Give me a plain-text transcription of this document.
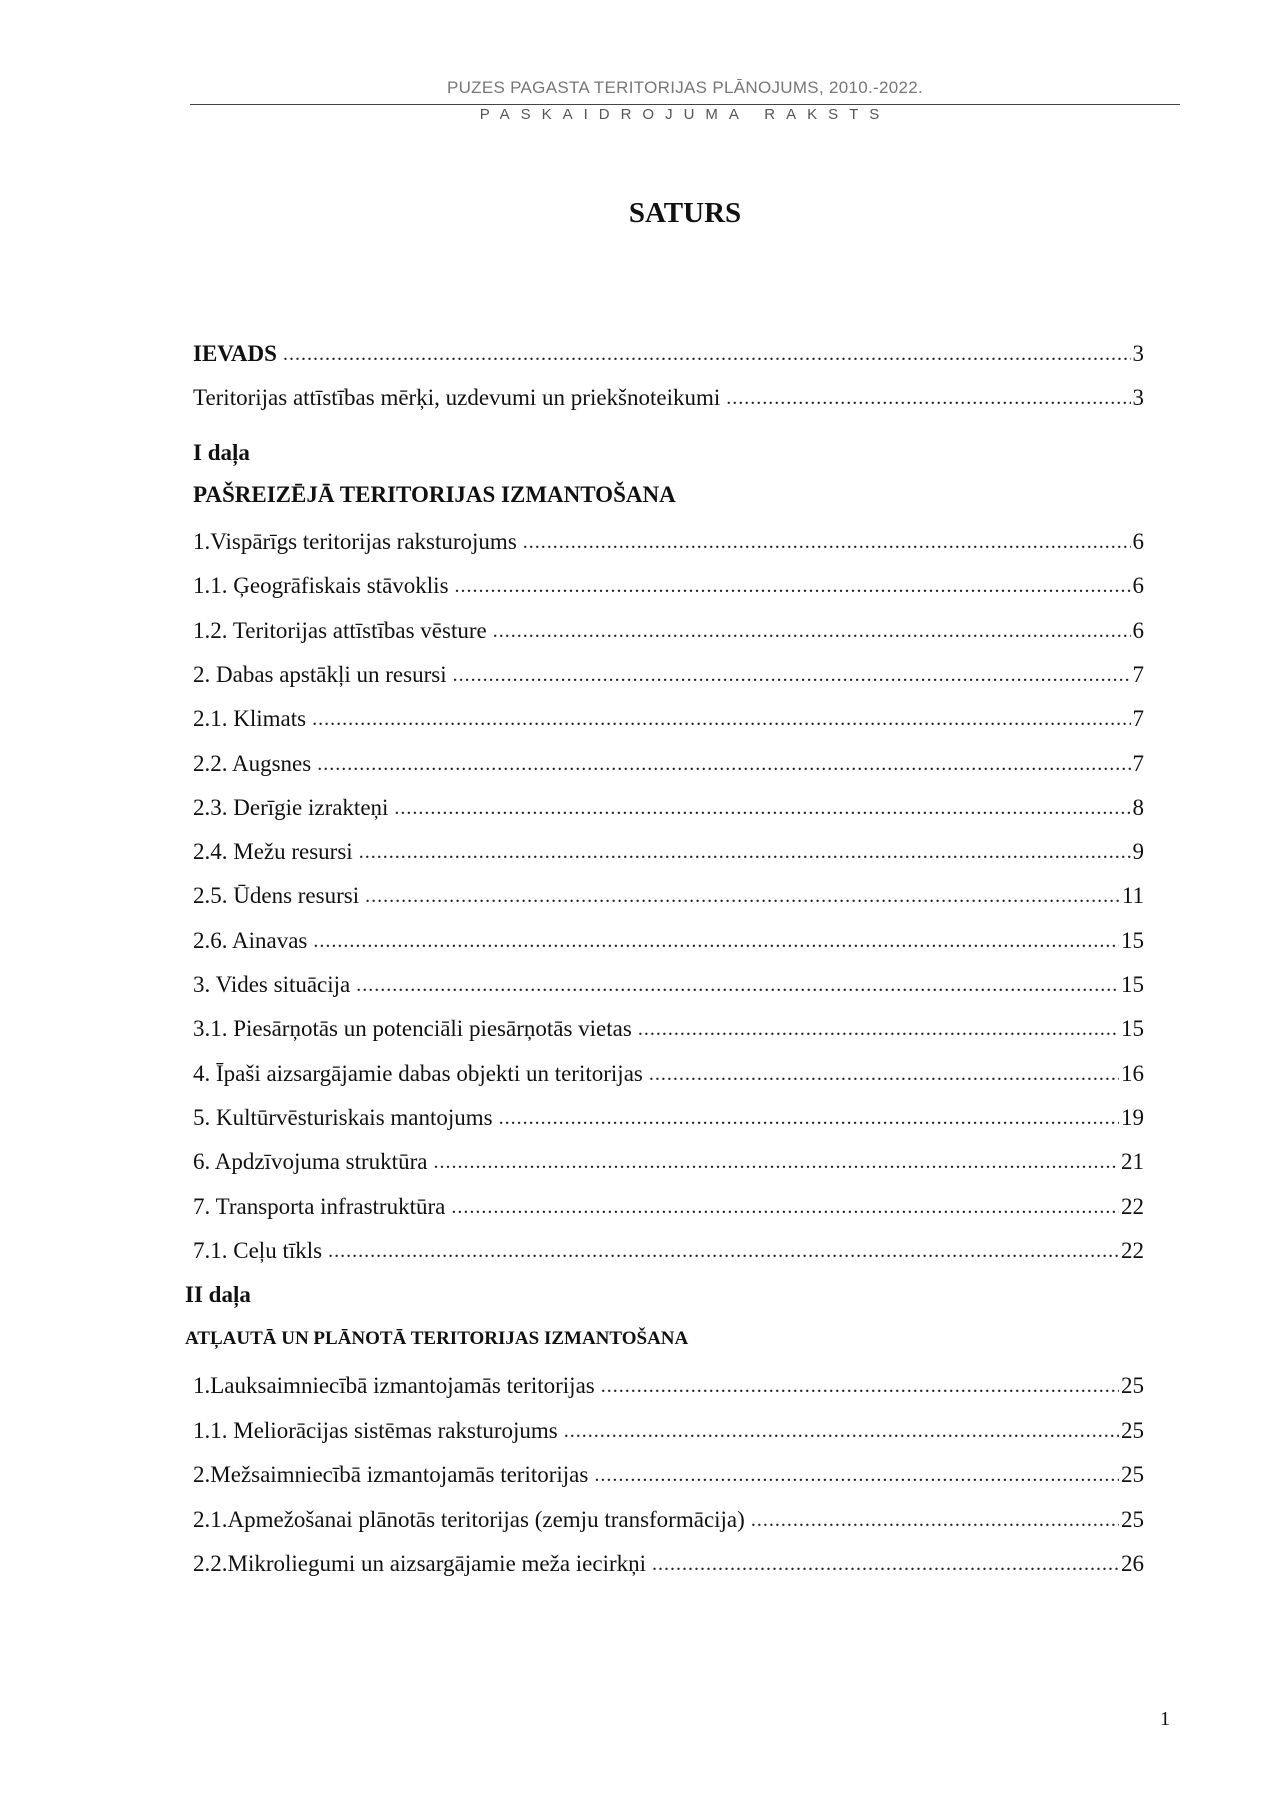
PUZES PAGASTA TERITORIJAS PLĀNOJUMS, 2010.-2022.
PASKAIDROJUMA RAKSTS
SATURS
IEVADS .....	3
Teritorijas attīstības mērķi, uzdevumi un priekšnoteikumi .....	3
I daļa
PAŠREIZĒJĀ TERITORIJAS IZMANTOŠANA
1.Vispārīgs teritorijas raksturojums .....	6
1.1. Ģeogrāfiskais stāvoklis .....	6
1.2. Teritorijas attīstības vēsture .....	6
2. Dabas apstākļi un resursi .....	7
2.1. Klimats .....	7
2.2. Augsnes .....	7
2.3. Derīgie izrakteņi .....	8
2.4. Mežu resursi .....	9
2.5. Ūdens resursi .....	11
2.6. Ainavas .....	15
3. Vides situācija .....	15
3.1. Piesārņotās un potenciāli piesārņotās vietas .....	15
4. Īpaši aizsargājamie dabas objekti un teritorijas .....	16
5. Kultūrvēsturiskais mantojums .....	19
6. Apdzīvojuma struktūra .....	21
7. Transporta infrastruktūra .....	22
7.1. Ceļu tīkls .....	22
II daļa
ATĻAUTĀ UN PLĀNOTĀ TERITORIJAS IZMANTOŠANA
1.Lauksaimniecībā izmantojamās teritorijas .....	25
1.1. Meliorācijas sistēmas raksturojums .....	25
2.Mežsaimniecībā izmantojamās teritorijas .....	25
2.1.Apmežošanai plānotās teritorijas (zemju transformācija) .....	25
2.2.Mikroliegumi un aizsargājamie meža iecirkņi .....	26
1
